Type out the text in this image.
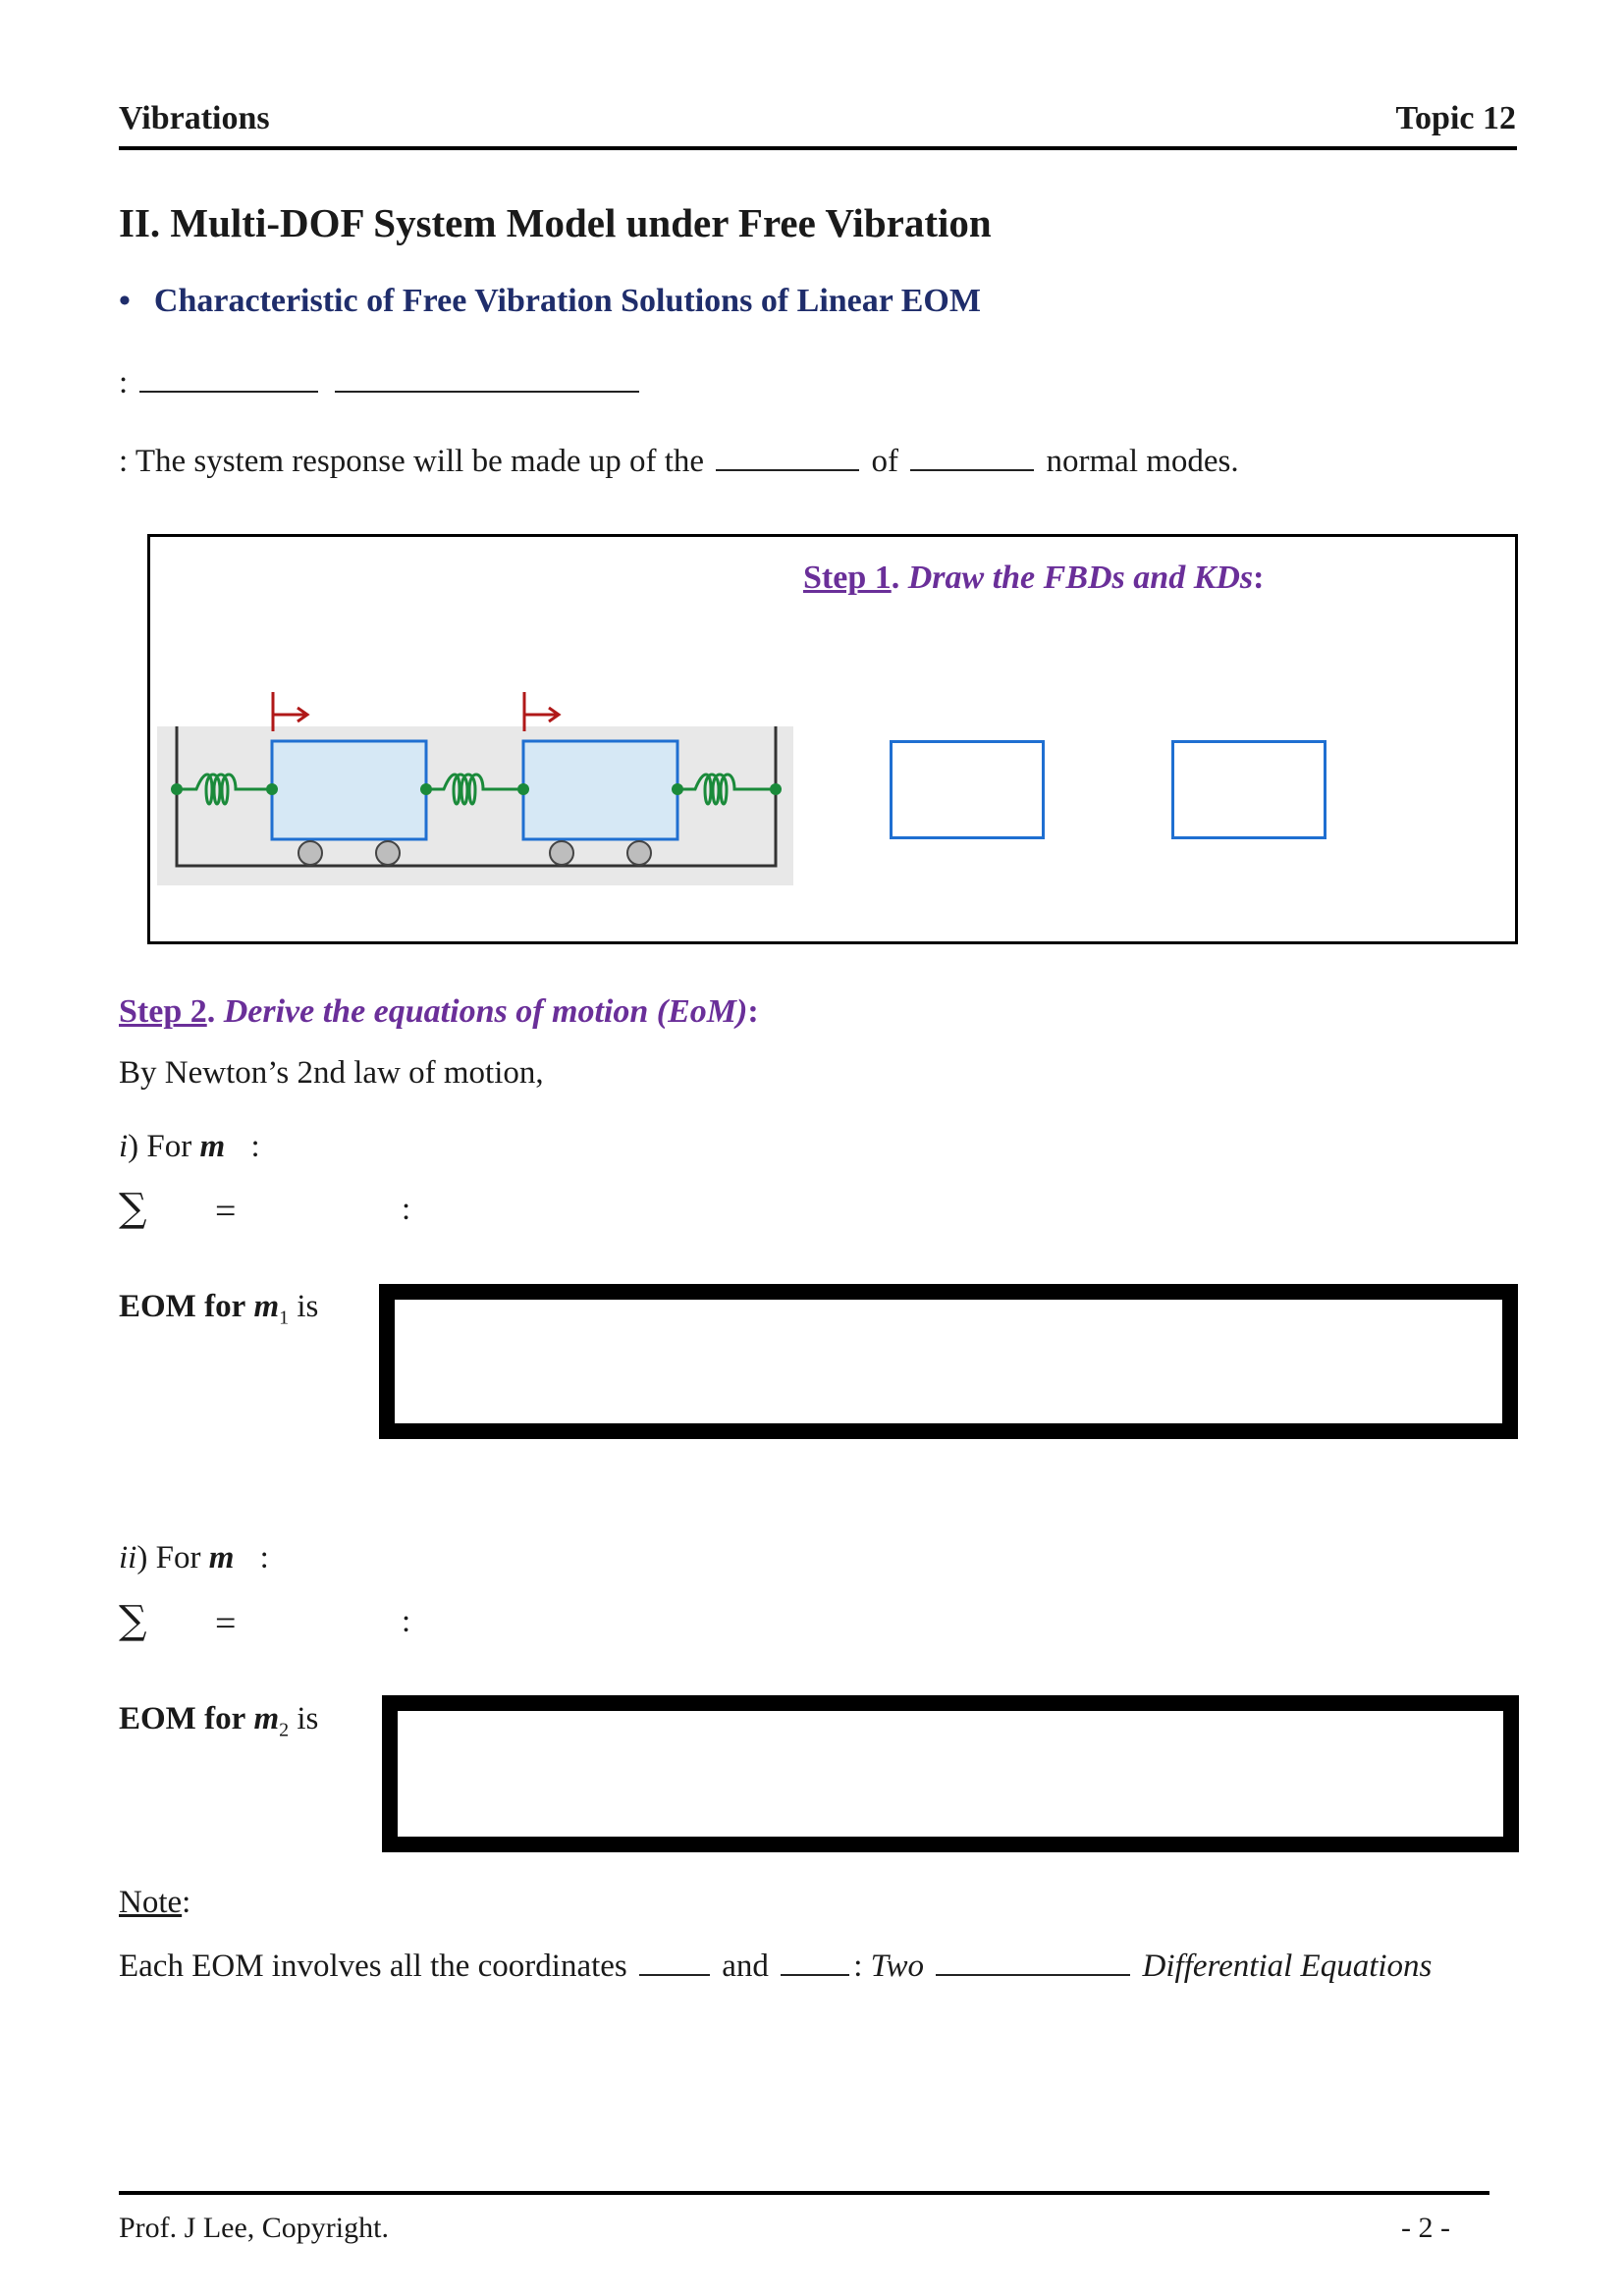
Vibrations	Topic 12
II. Multi-DOF System Model under Free Vibration
• Characteristic of Free Vibration Solutions of Linear EOM
:
: The system response will be made up of the	of	normal modes.
Step 1. Draw the FBDs and KDs:
Step 2. Derive the equations of motion (EoM):
By Newton’s 2nd law of motion,
i) For m :
∑ =	:
EOM for $m_1$ is
ii) For m :
∑ =	:
EOM for $m_2$ is
Note:
Each EOM involves all the coordinates	and	: Two	Differential Equations
Prof. J Lee, Copyright.	- 2 -
